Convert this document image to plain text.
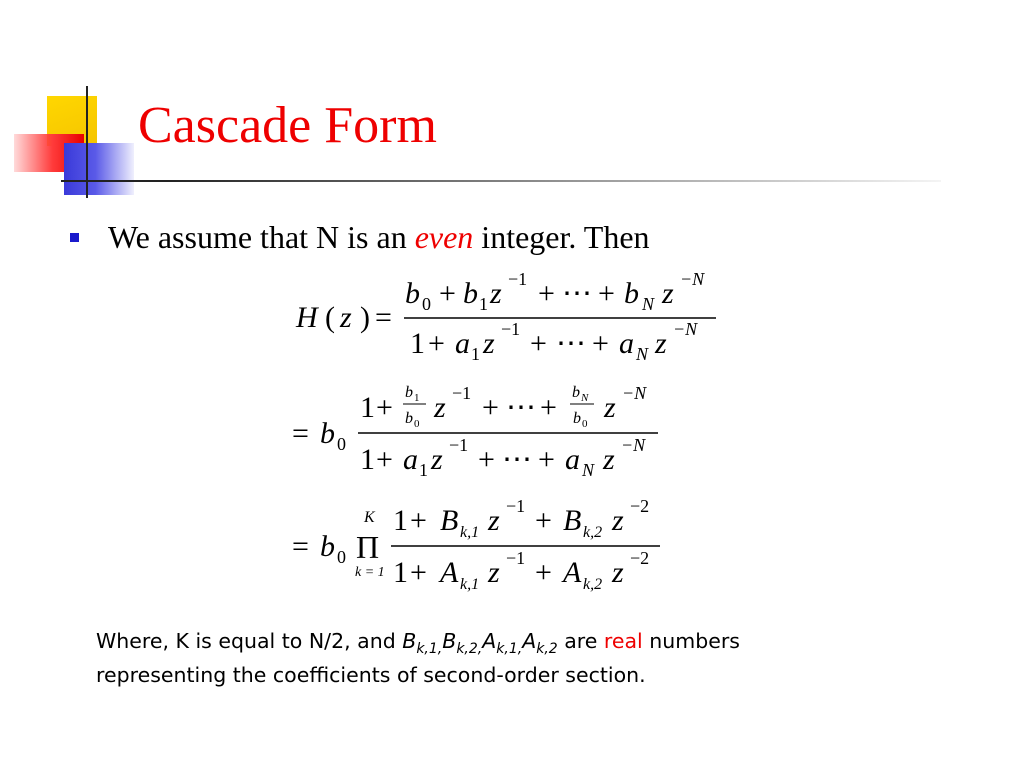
Cascade Form
We assume that N is an even integer. Then
H ( z ) =
b 0 + b 1 z −1 + ⋯ + b N z −N
1 + a 1 z −1 + ⋯ + a N z −N
= b 0
1 + b 1
b 0 z −1 + ⋯ + b N
b 0 z −N
1 + a 1 z −1 + ⋯ + a N z −N
= b 0
K
Π
k = 1
1 + B k,1 z −1 + B k,2 z −2
1 + A k,1 z −1 + A k,2 z −2
Where, K is equal to N/2, and $B_{k,1,}B_{k,2,}A_{k,1,}A_{k,2}$ are real numbers
representing the coefficients of second-order section.
